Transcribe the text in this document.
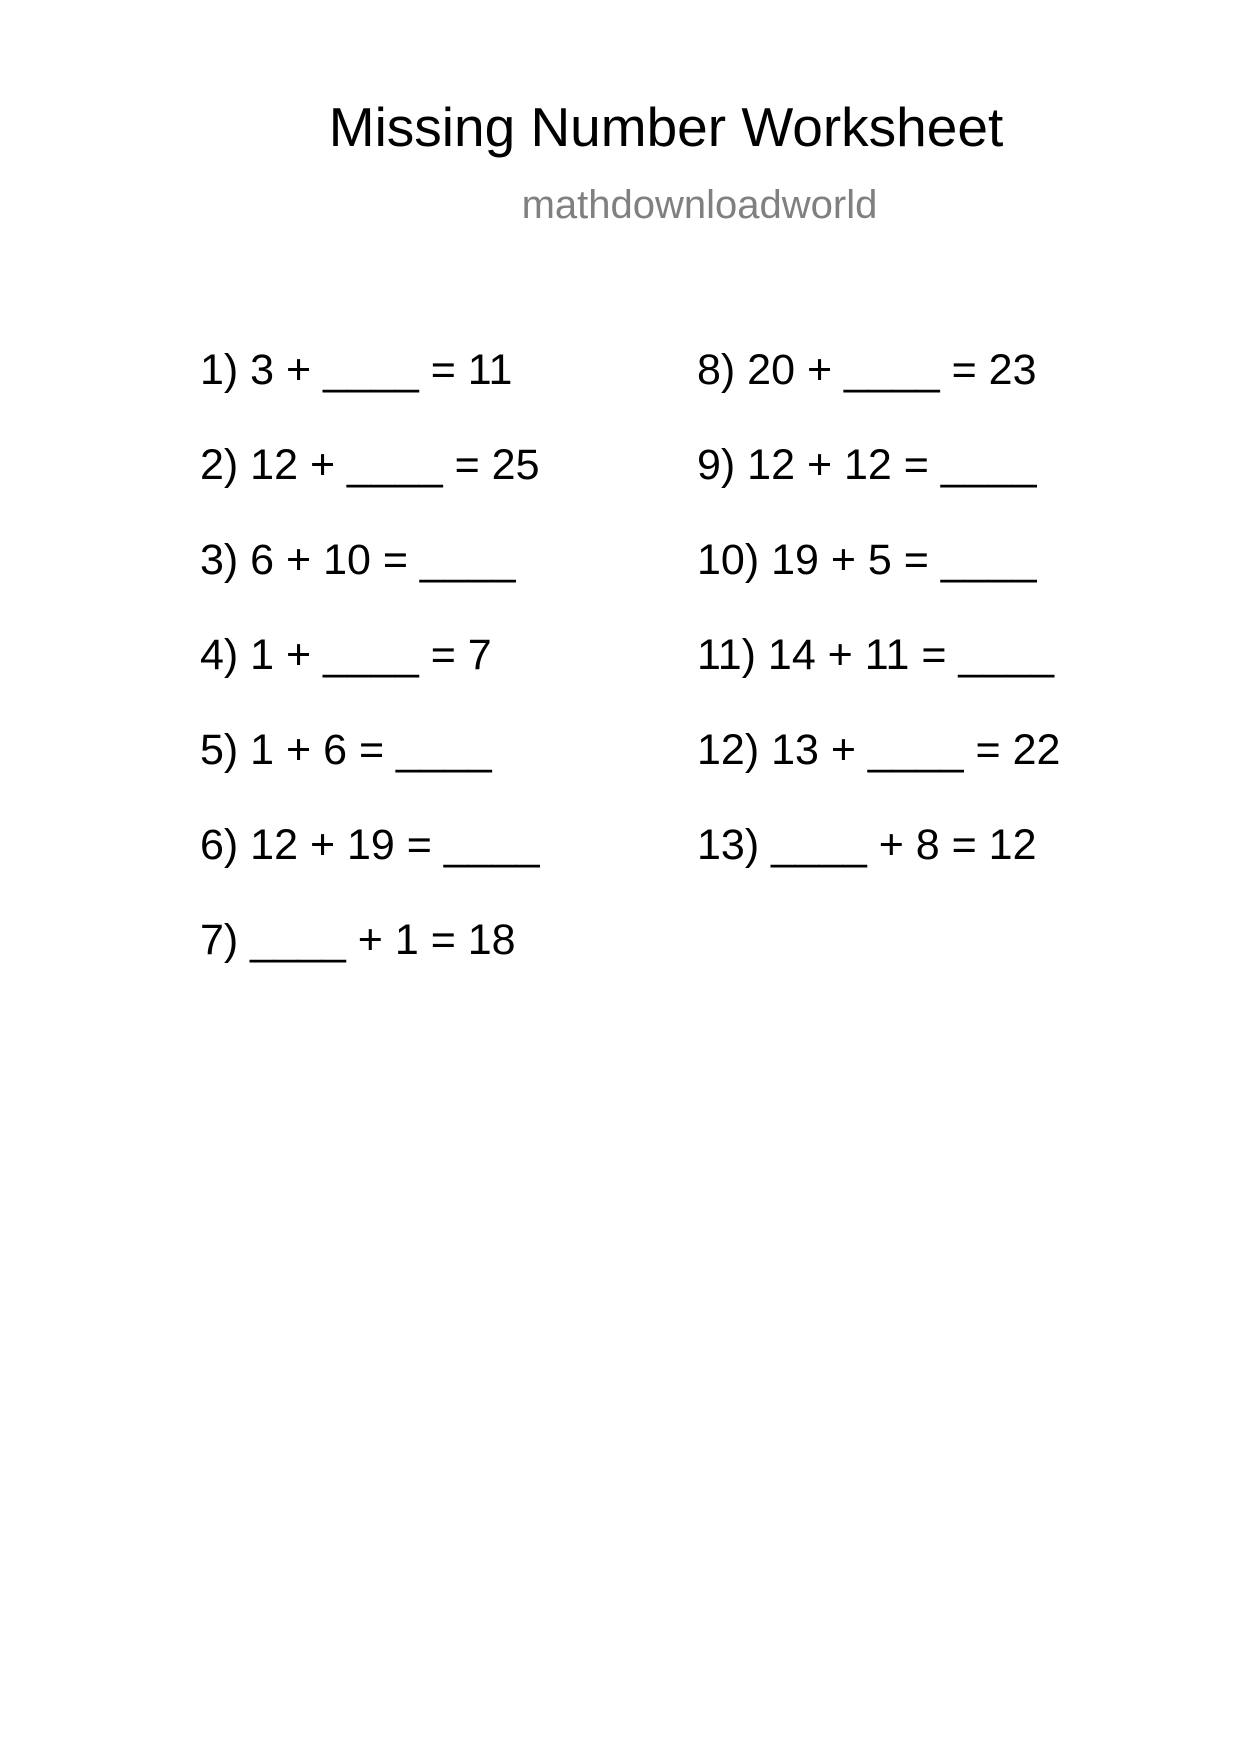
Missing Number Worksheet
mathdownloadworld
1) 3 + ____ = 11
2) 12 + ____ = 25
3) 6 + 10 = ____
4) 1 + ____ = 7
5) 1 + 6 = ____
6) 12 + 19 = ____
7) ____ + 1 = 18
8) 20 + ____ = 23
9) 12 + 12 = ____
10) 19 + 5 = ____
11) 14 + 11 = ____
12) 13 + ____ = 22
13) ____ + 8 = 12
